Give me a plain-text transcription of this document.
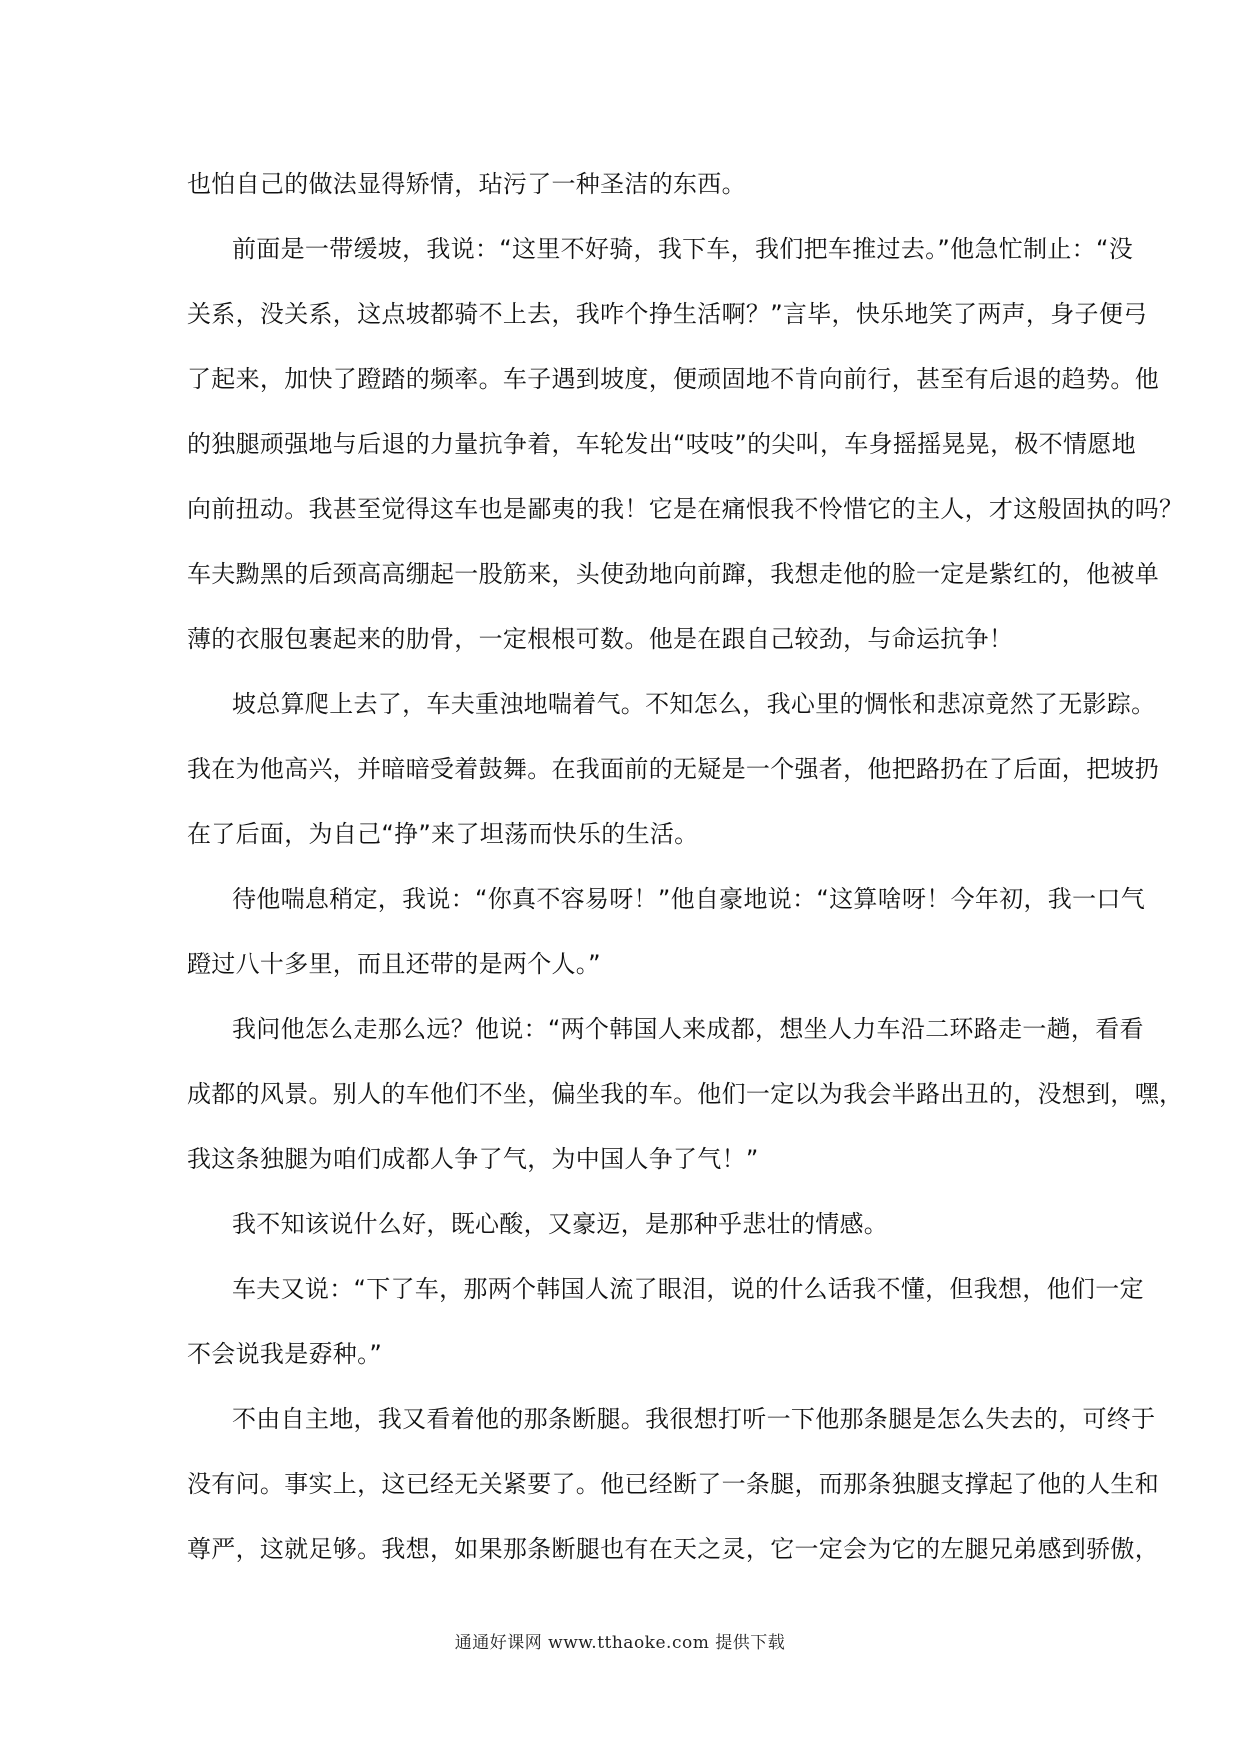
也怕自己的做法显得矫情，玷污了一种圣洁的东西。
前面是一带缓坡，我说：“这里不好骑，我下车，我们把车推过去。”他急忙制止：“没
关系，没关系，这点坡都骑不上去，我咋个挣生活啊？”言毕，快乐地笑了两声，身子便弓
了起来，加快了蹬踏的频率。车子遇到坡度，便顽固地不肯向前行，甚至有后退的趋势。他
的独腿顽强地与后退的力量抗争着，车轮发出“吱吱”的尖叫，车身摇摇晃晃，极不情愿地
向前扭动。我甚至觉得这车也是鄙夷的我！它是在痛恨我不怜惜它的主人，才这般固执的吗？
车夫黝黑的后颈高高绷起一股筋来，头使劲地向前蹿，我想走他的脸一定是紫红的，他被单
薄的衣服包裹起来的肋骨，一定根根可数。他是在跟自己较劲，与命运抗争！
坡总算爬上去了，车夫重浊地喘着气。不知怎么，我心里的惆怅和悲凉竟然了无影踪。
我在为他高兴，并暗暗受着鼓舞。在我面前的无疑是一个强者，他把路扔在了后面，把坡扔
在了后面，为自己“挣”来了坦荡而快乐的生活。
待他喘息稍定，我说：“你真不容易呀！”他自豪地说：“这算啥呀！今年初，我一口气
蹬过八十多里，而且还带的是两个人。”
我问他怎么走那么远？他说：“两个韩国人来成都，想坐人力车沿二环路走一趟，看看
成都的风景。别人的车他们不坐，偏坐我的车。他们一定以为我会半路出丑的，没想到，嘿，
我这条独腿为咱们成都人争了气，为中国人争了气！”
我不知该说什么好，既心酸，又豪迈，是那种乎悲壮的情感。
车夫又说：“下了车，那两个韩国人流了眼泪，说的什么话我不懂，但我想，他们一定
不会说我是孬种。”
不由自主地，我又看着他的那条断腿。我很想打听一下他那条腿是怎么失去的，可终于
没有问。事实上，这已经无关紧要了。他已经断了一条腿，而那条独腿支撑起了他的人生和
尊严，这就足够。我想，如果那条断腿也有在天之灵，它一定会为它的左腿兄弟感到骄傲，
通通好课网 www.tthaoke.com 提供下载
